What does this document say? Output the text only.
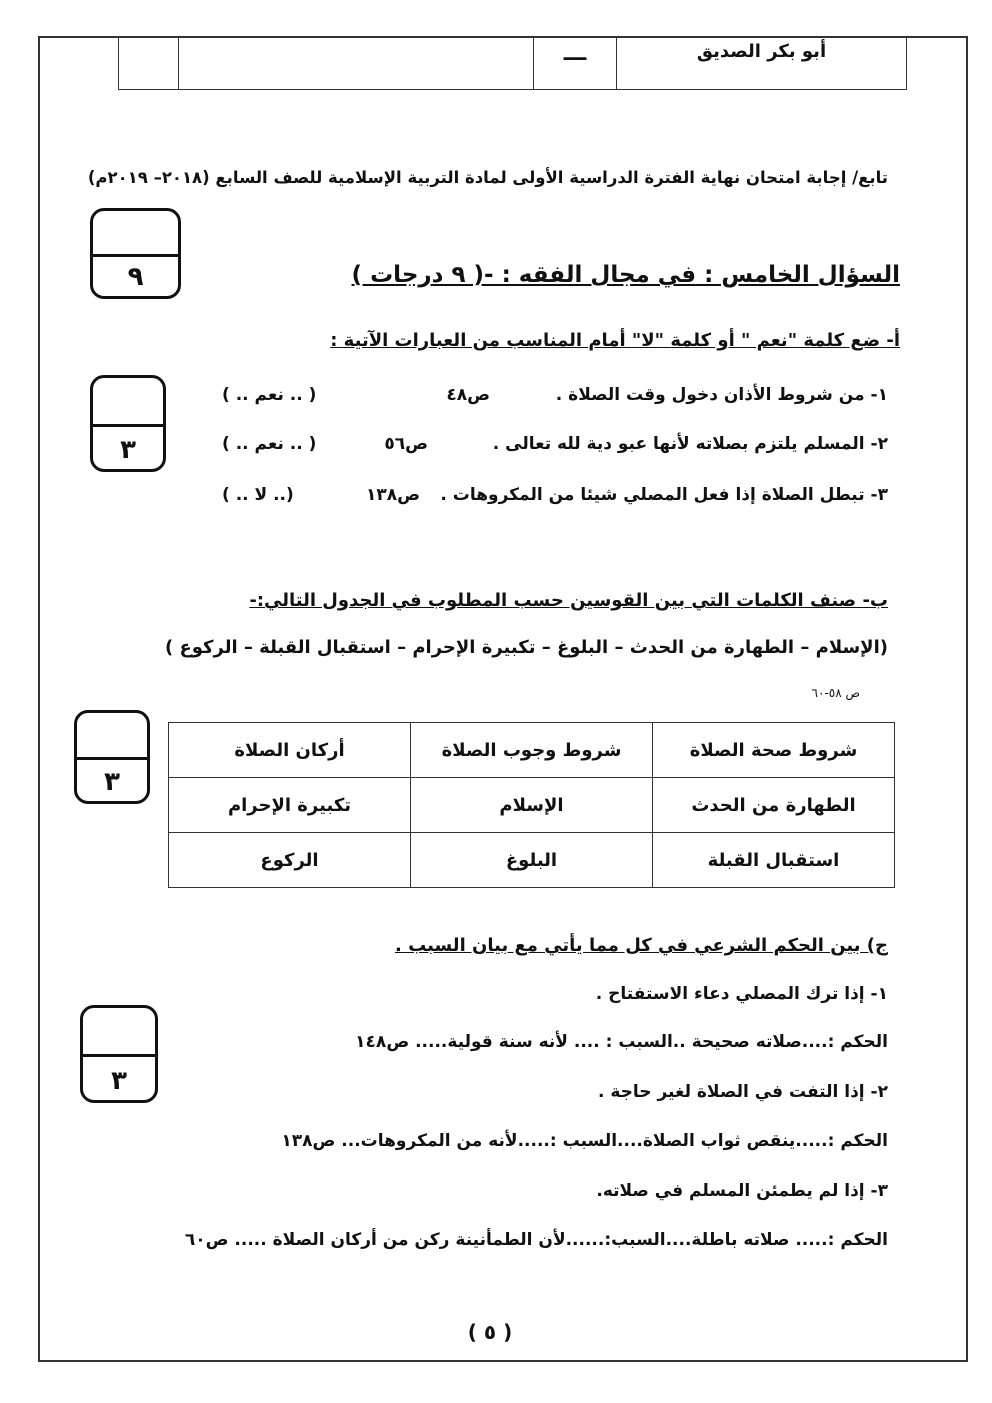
		ـــ	أبو بكر الصديق
تابع/ إجابة امتحان نهاية الفترة الدراسية الأولى لمادة التربية الإسلامية للصف السابع (٢٠١٨– ٢٠١٩م)
٩	السؤال الخامس : في مجال الفقه : -( ٩ درجات )
أ- ضع كلمة "نعم " أو كلمة "لا" أمام المناسب من العبارات الآتية :
٣
١- من شروط الأذان دخول وقت الصلاة .
ص٤٨
( .. نعم .. )
٢- المسلم يلتزم بصلاته لأنها عبو دية لله تعالى .
ص٥٦
( .. نعم .. )
٣- تبطل الصلاة إذا فعل المصلي شيئا من المكروهات .
ص١٣٨
(.. لا .. )
ب- صنف الكلمات التي بين القوسين حسب المطلوب في الجدول التالي:-
(الإسلام – الطهارة من الحدث – البلوغ – تكبيرة الإحرام – استقبال القبلة – الركوع )
ص ٥٨-٦٠
٣
شروط صحة الصلاة	شروط وجوب الصلاة	أركان الصلاة
الطهارة من الحدث	الإسلام	تكبيرة الإحرام
استقبال القبلة	البلوغ	الركوع
ج) بين الحكم الشرعي في كل مما يأتي مع بيان السبب .
٣
١- إذا ترك المصلي دعاء الاستفتاح .
الحكم :....صلاته صحيحة ..السبب : .... لأنه سنة قولية..... ص١٤٨
٢- إذا التفت في الصلاة لغير حاجة .
الحكم :.....ينقص ثواب الصلاة....السبب :.....لأنه من المكروهات... ص١٣٨
٣- إذا لم يطمئن المسلم في صلاته.
الحكم :..... صلاته باطلة....السبب:......لأن الطمأنينة ركن من أركان الصلاة ..... ص٦٠
( ٥ )
